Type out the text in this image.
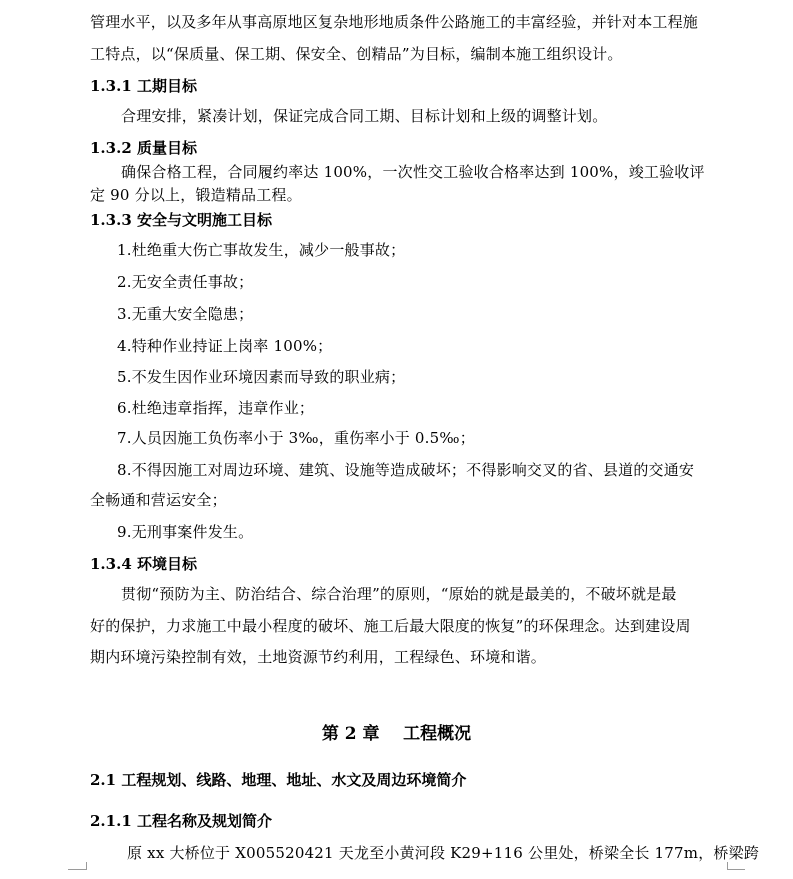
管理水平，以及多年从事高原地区复杂地形地质条件公路施工的丰富经验，并针对本工程施
工特点，以“保质量、保工期、保安全、创精品”为目标，编制本施工组织设计。
1.3.1 工期目标
合理安排，紧凑计划，保证完成合同工期、目标计划和上级的调整计划。
1.3.2 质量目标
确保合格工程，合同履约率达 100%，一次性交工验收合格率达到 100%，竣工验收评
定 90 分以上，锻造精品工程。
1.3.3 安全与文明施工目标
1.杜绝重大伤亡事故发生，减少一般事故；
2.无安全责任事故；
3.无重大安全隐患；
4.特种作业持证上岗率 100%；
5.不发生因作业环境因素而导致的职业病；
6.杜绝违章指挥，违章作业；
7.人员因施工负伤率小于 3‰，重伤率小于 0.5‰；
8.不得因施工对周边环境、建筑、设施等造成破坏；不得影响交叉的省、县道的交通安
全畅通和营运安全；
9.无刑事案件发生。
1.3.4 环境目标
贯彻“预防为主、防治结合、综合治理”的原则，“原始的就是最美的，不破坏就是最
好的保护，力求施工中最小程度的破坏、施工后最大限度的恢复”的环保理念。达到建设周
期内环境污染控制有效，土地资源节约利用，工程绿色、环境和谐。
第 2 章    工程概况
2.1 工程规划、线路、地理、地址、水文及周边环境简介
2.1.1 工程名称及规划简介
原 xx 大桥位于 X005520421 天龙至小黄河段 K29+116 公里处，桥梁全长 177m，桥梁跨
